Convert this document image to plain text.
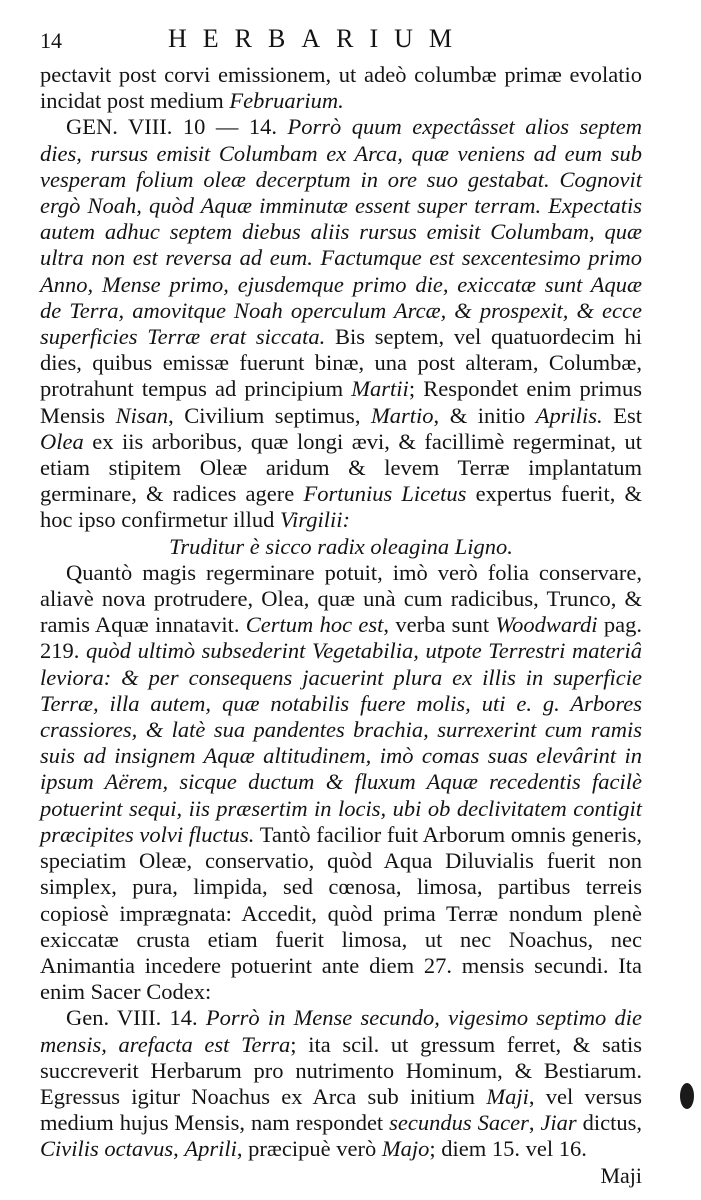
14	HERBARIUM

pectavit post corvi emissionem, ut adeò columbæ primæ evolatio incidat post medium Februarium.

GEN. VIII. 10 — 14. Porrò quum expectâsset alios septem dies, rursus emisit Columbam ex Arca, quæ veniens ad eum sub vesperam folium oleæ decerptum in ore suo gestabat. Cognovit ergò Noah, quòd Aquæ imminutæ essent super terram. Expectatis autem adhuc septem diebus aliis rursus emisit Columbam, quæ ultra non est reversa ad eum. Factumque est sexcentesimo primo Anno, Mense primo, ejusdemque primo die, exiccatæ sunt Aquæ de Terra, amovitque Noah operculum Arcæ, & prospexit, & ecce superficies Terræ erat siccata. Bis septem, vel quatuordecim hi dies, quibus emissæ fuerunt binæ, una post alteram, Columbæ, protrahunt tempus ad principium Martii; Respondet enim primus Mensis Nisan, Civilium septimus, Martio, & initio Aprilis. Est Olea ex iis arboribus, quæ longi ævi, & facillimè regerminat, ut etiam stipitem Oleæ aridum & levem Terræ implantatum germinare, & radices agere Fortunius Licetus expertus fuerit, & hoc ipso confirmetur illud Virgilii:

Truditur è sicco radix oleagina Ligno.

Quantò magis regerminare potuit, imò verò folia conservare, aliavè nova protrudere, Olea, quæ unà cum radicibus, Trunco, & ramis Aquæ innatavit. Certum hoc est, verba sunt Woodwardi pag. 219. quòd ultimò subsederint Vegetabilia, utpote Terrestri materiâ leviora: & per consequens jacuerint plura ex illis in superficie Terræ, illa autem, quæ notabilis fuere molis, uti e. g. Arbores crassiores, & latè sua pandentes brachia, surrexerint cum ramis suis ad insignem Aquæ altitudinem, imò comas suas elevârint in ipsum Aërem, sicque ductum & fluxum Aquæ recedentis facilè potuerint sequi, iis præsertim in locis, ubi ob declivitatem contigit præcipites volvi fluctus. Tantò facilior fuit Arborum omnis generis, speciatim Oleæ, conservatio, quòd Aqua Diluvialis fuerit non simplex, pura, limpida, sed cœnosa, limosa, partibus terreis copiosè imprægnata: Accedit, quòd prima Terræ nondum plenè exiccatæ crusta etiam fuerit limosa, ut nec Noachus, nec Animantia incedere potuerint ante diem 27. mensis secundi. Ita enim Sacer Codex:

Gen. VIII. 14. Porrò in Mense secundo, vigesimo septimo die mensis, arefacta est Terra; ita scil. ut gressum ferret, & satis succreverit Herbarum pro nutrimento Hominum, & Bestiarum. Egressus igitur Noachus ex Arca sub initium Maji, vel versus medium hujus Mensis, nam respondet secundus Sacer, Jiar dictus, Civilis octavus, Aprili, præcipuè verò Majo; diem 15. vel 16.

Maji
